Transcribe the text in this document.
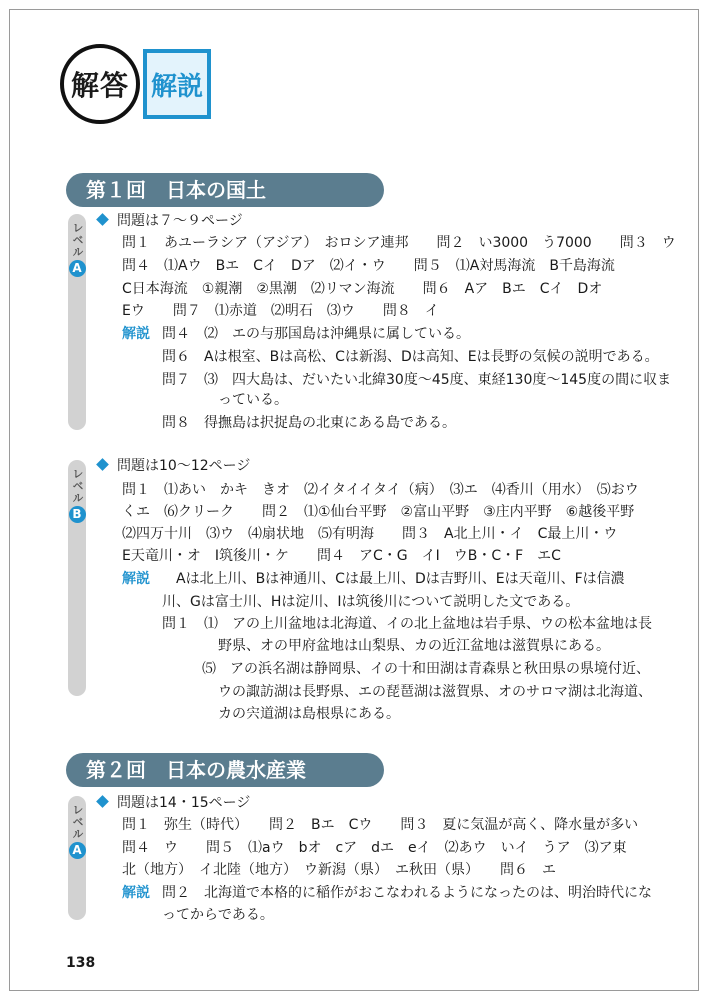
解答 解説
第１回 日本の国土
レベル
A
問題は７〜９ページ
問１　あユーラシア（アジア）　おロシア連邦　　問２　い3000　う7000　　問３　ウ
問４　⑴Aウ　Bエ　Cイ　Dア　⑵イ・ウ　　問５　⑴A対馬海流　B千島海流
C日本海流　①親潮　②黒潮　⑵リマン海流　　問６　Aア　Bエ　Cイ　Dオ
Eウ　　問７　⑴赤道　⑵明石　⑶ウ　　問８　イ
解説 問４　⑵　エの与那国島は沖縄県に属している。
問６　Aは根室、Bは高松、Cは新潟、Dは高知、Eは長野の気候の説明である。
問７　⑶　四大島は、だいたい北緯30度〜45度、東経130度〜145度の間に収ま
っている。
問８　得撫島は択捉島の北東にある島である。
レベル
B
問題は10〜12ページ
問１　⑴あい　かキ　きオ　⑵イタイイタイ（病）　⑶エ　⑷香川（用水）　⑸おウ
くエ　⑹クリーク　　問２　⑴①仙台平野　②富山平野　③庄内平野　⑥越後平野
⑵四万十川　⑶ウ　⑷扇状地　⑸有明海　　問３　A北上川・イ　C最上川・ウ
E天竜川・オ　I筑後川・ケ　　問４　アC・G　イI　ウB・C・F　エC
解説 Aは北上川、Bは神通川、Cは最上川、Dは吉野川、Eは天竜川、Fは信濃
川、Gは富士川、Hは淀川、Iは筑後川について説明した文である。
問１　⑴　アの上川盆地は北海道、イの北上盆地は岩手県、ウの松本盆地は長
野県、オの甲府盆地は山梨県、カの近江盆地は滋賀県にある。
⑸　アの浜名湖は静岡県、イの十和田湖は青森県と秋田県の県境付近、
ウの諏訪湖は長野県、エの琵琶湖は滋賀県、オのサロマ湖は北海道、
カの宍道湖は島根県にある。
第２回 日本の農水産業
レベル
A
問題は14・15ページ
問１　弥生（時代）　　問２　Bエ　Cウ　　問３　夏に気温が高く、降水量が多い
問４　ウ　　問５　⑴aウ　bオ　cア　dエ　eイ　⑵あウ　いイ　うア　⑶ア東
北（地方）　イ北陸（地方）　ウ新潟（県）　エ秋田（県）　　問６　エ
解説 問２　北海道で本格的に稲作がおこなわれるようになったのは、明治時代にな
ってからである。
138
